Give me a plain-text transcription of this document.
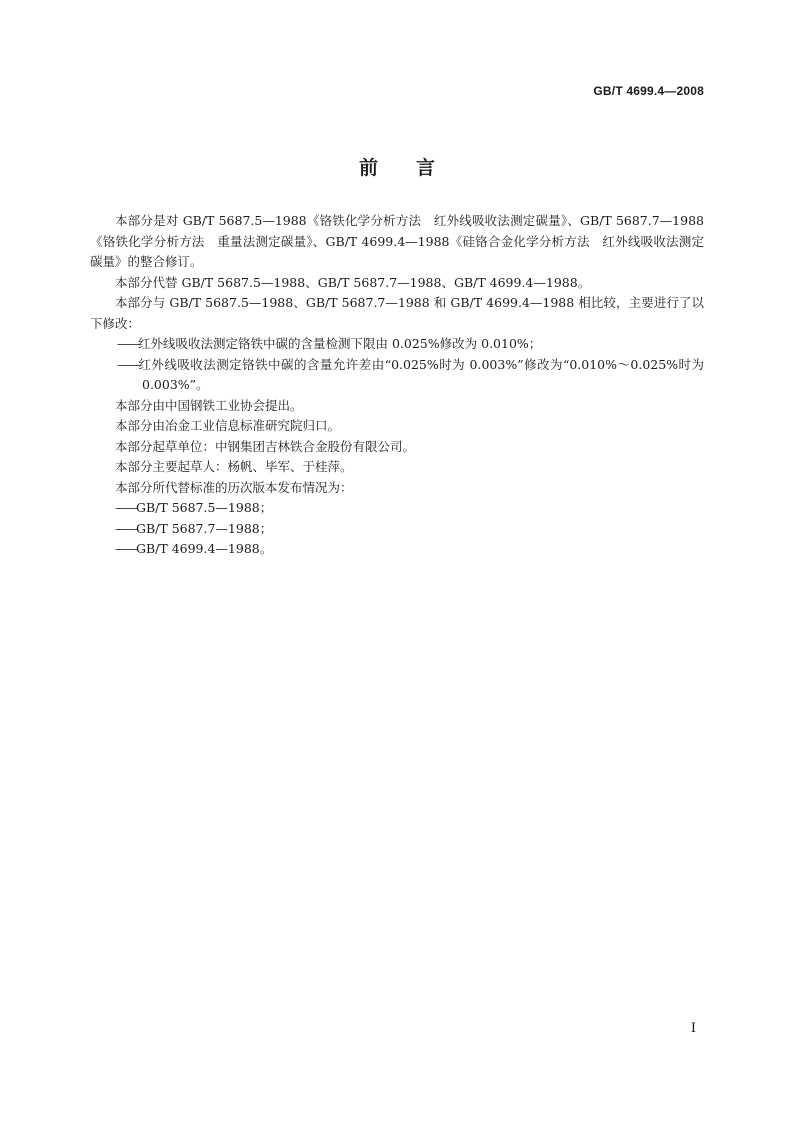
GB/T 4699.4—2008
前 言

本部分是对 GB/T 5687.5—1988《铬铁化学分析方法　红外线吸收法测定碳量》、GB/T 5687.7—1988《铬铁化学分析方法　重量法测定碳量》、GB/T 4699.4—1988《硅铬合金化学分析方法　红外线吸收法测定碳量》的整合修订。

本部分代替 GB/T 5687.5—1988、GB/T 5687.7—1988、GB/T 4699.4—1988。

本部分与 GB/T 5687.5—1988、GB/T 5687.7—1988 和 GB/T 4699.4—1988 相比较，主要进行了以下修改：

——红外线吸收法测定铬铁中碳的含量检测下限由 0.025%修改为 0.010%；

——红外线吸收法测定铬铁中碳的含量允许差由“0.025%时为 0.003%”修改为“0.010%～0.025%时为 0.003%”。

本部分由中国钢铁工业协会提出。

本部分由冶金工业信息标准研究院归口。

本部分起草单位：中钢集团吉林铁合金股份有限公司。

本部分主要起草人：杨帆、毕军、于桂萍。

本部分所代替标准的历次版本发布情况为：

——GB/T 5687.5—1988；

——GB/T 5687.7—1988；

——GB/T 4699.4—1988。

I
